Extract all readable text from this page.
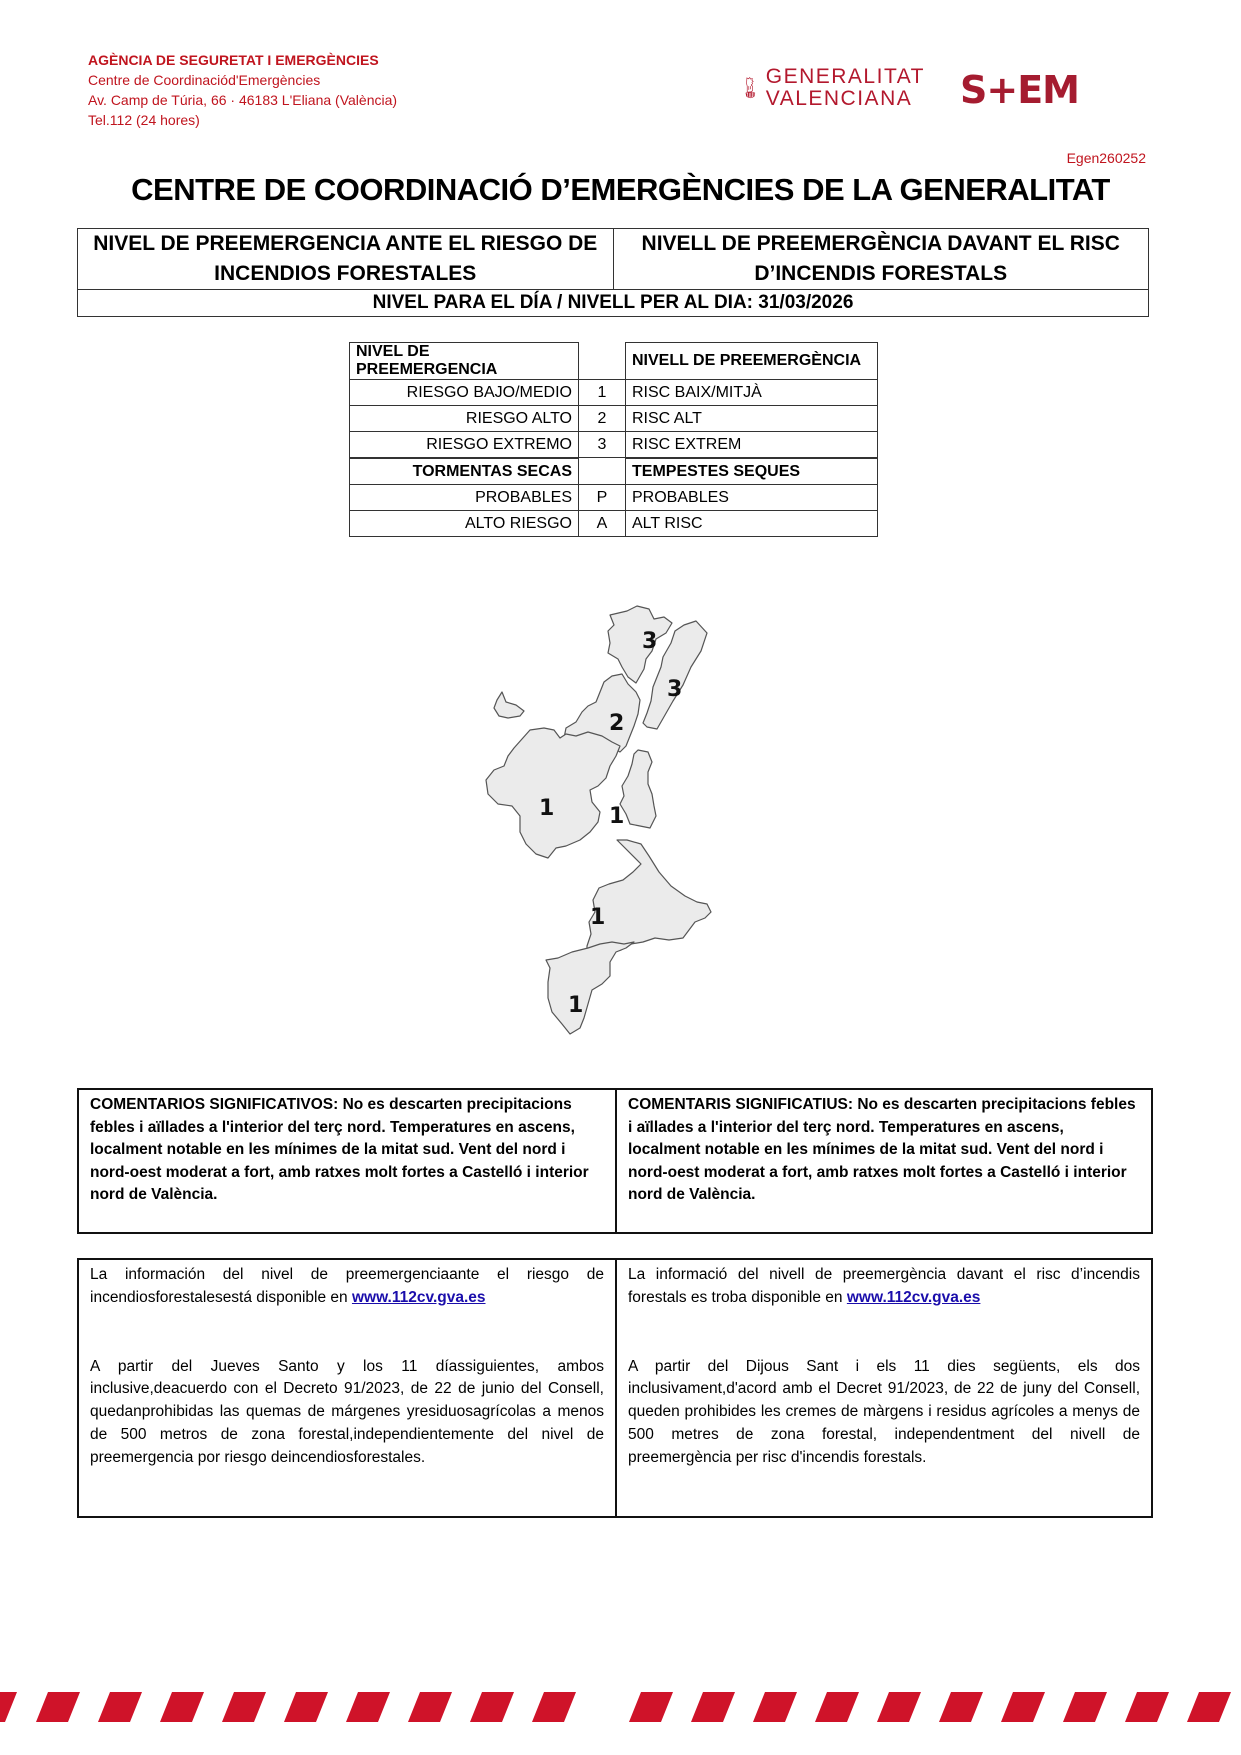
AGÈNCIA DE SEGURETAT I EMERGÈNCIES
Centre de Coordinaciód'Emergències
Av. Camp de Túria, 66 · 46183 L'Eliana (València)
Tel.112 (24 hores)
GENERALITAT
VALENCIANA	S+EM
Egen260252
CENTRE DE COORDINACIÓ D’EMERGÈNCIES DE LA GENERALITAT
NIVEL DE PREEMERGENCIA ANTE EL RIESGO DE
INCENDIOS FORESTALES

NIVELL DE PREEMERGÈNCIA DAVANT EL RISC
D’INCENDIS FORESTALS

NIVEL PARA EL DÍA / NIVELL PER AL DIA: 31/03/2026
NIVEL DE PREEMERGENCIA		NIVELL DE PREEMERGÈNCIA
RIESGO BAJO/MEDIO	1	RISC BAIX/MITJÀ
RIESGO ALTO	2	RISC ALT
RIESGO EXTREMO	3	RISC EXTREM
TORMENTAS SECAS		TEMPESTES SEQUES
PROBABLES	P	PROBABLES
ALTO RIESGO	A	ALT RISC
3
3
2
1 1
1
1
COMENTARIOS SIGNIFICATIVOS: No es descarten precipitacions febles i aïllades a l'interior del terç nord. Temperatures en ascens, localment notable en les mínimes de la mitat sud. Vent del nord i nord-oest moderat a fort, amb ratxes molt fortes a Castelló i interior nord de València.
COMENTARIS SIGNIFICATIUS: No es descarten precipitacions febles i aïllades a l'interior del terç nord. Temperatures en ascens, localment notable en les mínimes de la mitat sud. Vent del nord i nord-oest moderat a fort, amb ratxes molt fortes a Castelló i interior nord de València.
La información del nivel de preemergenciaante el riesgo de incendiosforestalesestá disponible en www.112cv.gva.es
A partir del Jueves Santo y los 11 díassiguientes, ambos inclusive,deacuerdo con el Decreto 91/2023, de 22 de junio del Consell, quedanprohibidas las quemas de márgenes yresiduosagrícolas a menos de 500 metros de zona forestal,independientemente del nivel de preemergencia por riesgo deincendiosforestales.
La informació del nivell de preemergència davant el risc d’incendis forestals es troba disponible en www.112cv.gva.es
A partir del Dijous Sant i els 11 dies següents, els dos inclusivament,d'acord amb el Decret 91/2023, de 22 de juny del Consell, queden prohibides les cremes de màrgens i residus agrícoles a menys de 500 metres de zona forestal, independentment del nivell de preemergència per risc d'incendis forestals.
